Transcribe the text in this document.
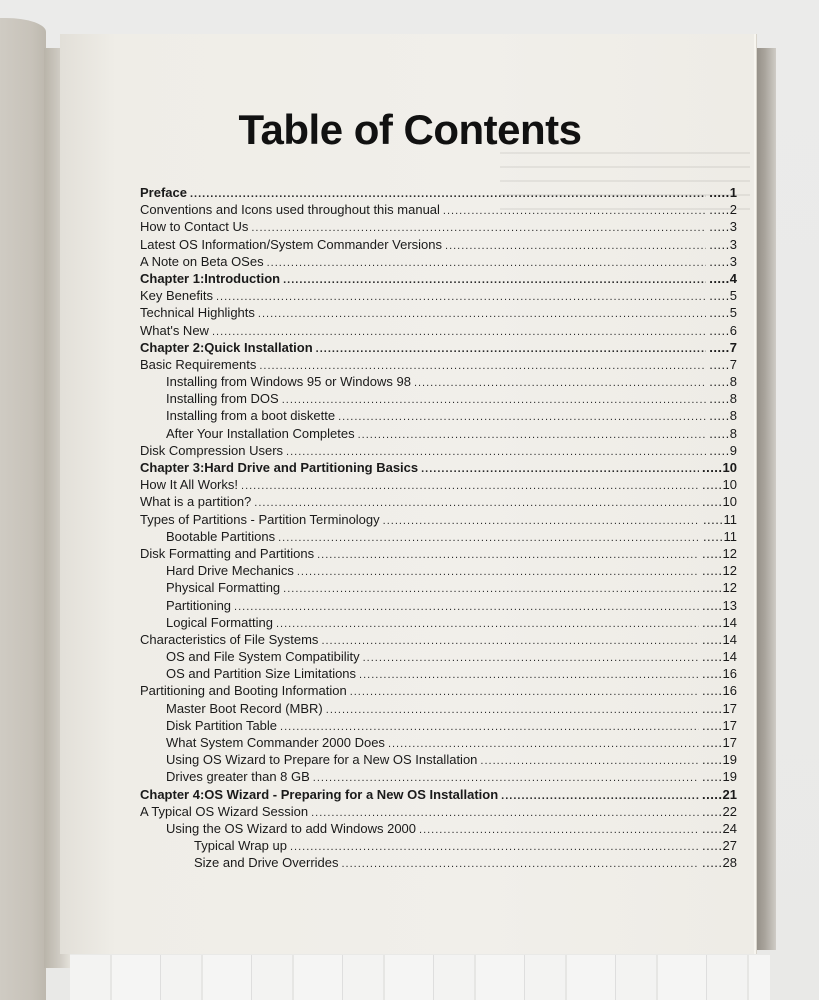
Table of Contents
Preface .....	..... 1
Conventions and Icons used throughout this manual .....	..... 2
How to Contact Us .....	..... 3
Latest OS Information/System Commander Versions .....	..... 3
A Note on Beta OSes .....	..... 3
Chapter 1:Introduction .....	..... 4
Key Benefits .....	..... 5
Technical Highlights .....	..... 5
What's New .....	..... 6
Chapter 2:Quick Installation .....	..... 7
Basic Requirements .....	..... 7
Installing from Windows 95 or Windows 98 .....	..... 8
Installing from DOS .....	..... 8
Installing from a boot diskette .....	..... 8
After Your Installation Completes .....	..... 8
Disk Compression Users .....	..... 9
Chapter 3:Hard Drive and Partitioning Basics .....	..... 10
How It All Works! .....	..... 10
What is a partition? .....	..... 10
Types of Partitions - Partition Terminology .....	..... 11
Bootable Partitions .....	..... 11
Disk Formatting and Partitions .....	..... 12
Hard Drive Mechanics .....	..... 12
Physical Formatting .....	..... 12
Partitioning .....	..... 13
Logical Formatting .....	..... 14
Characteristics of File Systems .....	..... 14
OS and File System Compatibility .....	..... 14
OS and Partition Size Limitations .....	..... 16
Partitioning and Booting Information .....	..... 16
Master Boot Record (MBR) .....	..... 17
Disk Partition Table .....	..... 17
What System Commander 2000 Does .....	..... 17
Using OS Wizard to Prepare for a New OS Installation .....	..... 19
Drives greater than 8 GB .....	..... 19
Chapter 4:OS Wizard - Preparing for a New OS Installation .....	..... 21
A Typical OS Wizard Session .....	..... 22
Using the OS Wizard to add Windows 2000 .....	..... 24
Typical Wrap up .....	..... 27
Size and Drive Overrides .....	..... 28
